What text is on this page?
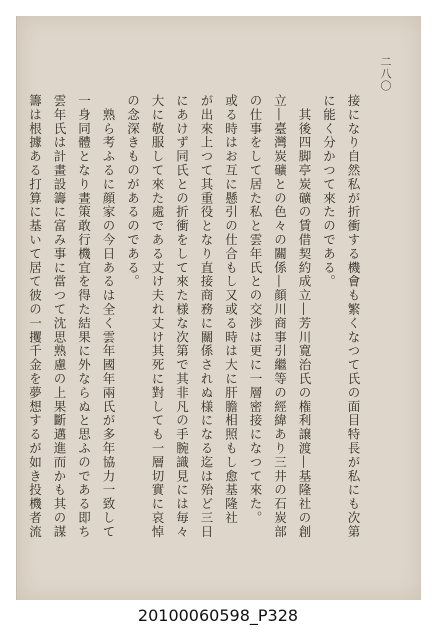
二八〇
接になり自然私が折衝する機會も繁くなつて氏の面目特長が私にも次第
に能く分かつて來たのである。
　其後四脚亭炭礦の賃借契約成立―芳川寛治氏の権利譲渡―基隆社の創
立―臺灣炭礦との色々の關係―顔川商事引繼等の經緯あり三井の石炭部
の仕事をして居た私と雲年氏との交渉は更に一層密接になつて來た。
或る時はお互に懸引の仕合もし又或る時は大に肝膽相照もし愈基隆社
が出來上つて其重役となり直接商務に關係されぬ様になる迄は殆ど三日
にあけず同氏との折衝をして來た様な次第で其非凡の手腕識見には毎々
大に敬服して來た處である丈け夫れ丈け其死に對しても一層切實に哀悼
の念深きものがあるのである。
　熟ら考ふるに顔家の今日あるは全く雲年國年兩氏が多年協力一致して
一身同體となり晝策敢行機宜を得た結果に外ならぬと思ふのである即ち
雲年氏は計畫設籌に富み事に當つて沈思熟慮の上果斷邁進而かも其の謀
籌は根據ある打算に基いて居て彼の一攫千金を夢想するが如き投機者流
20100060598_P328
